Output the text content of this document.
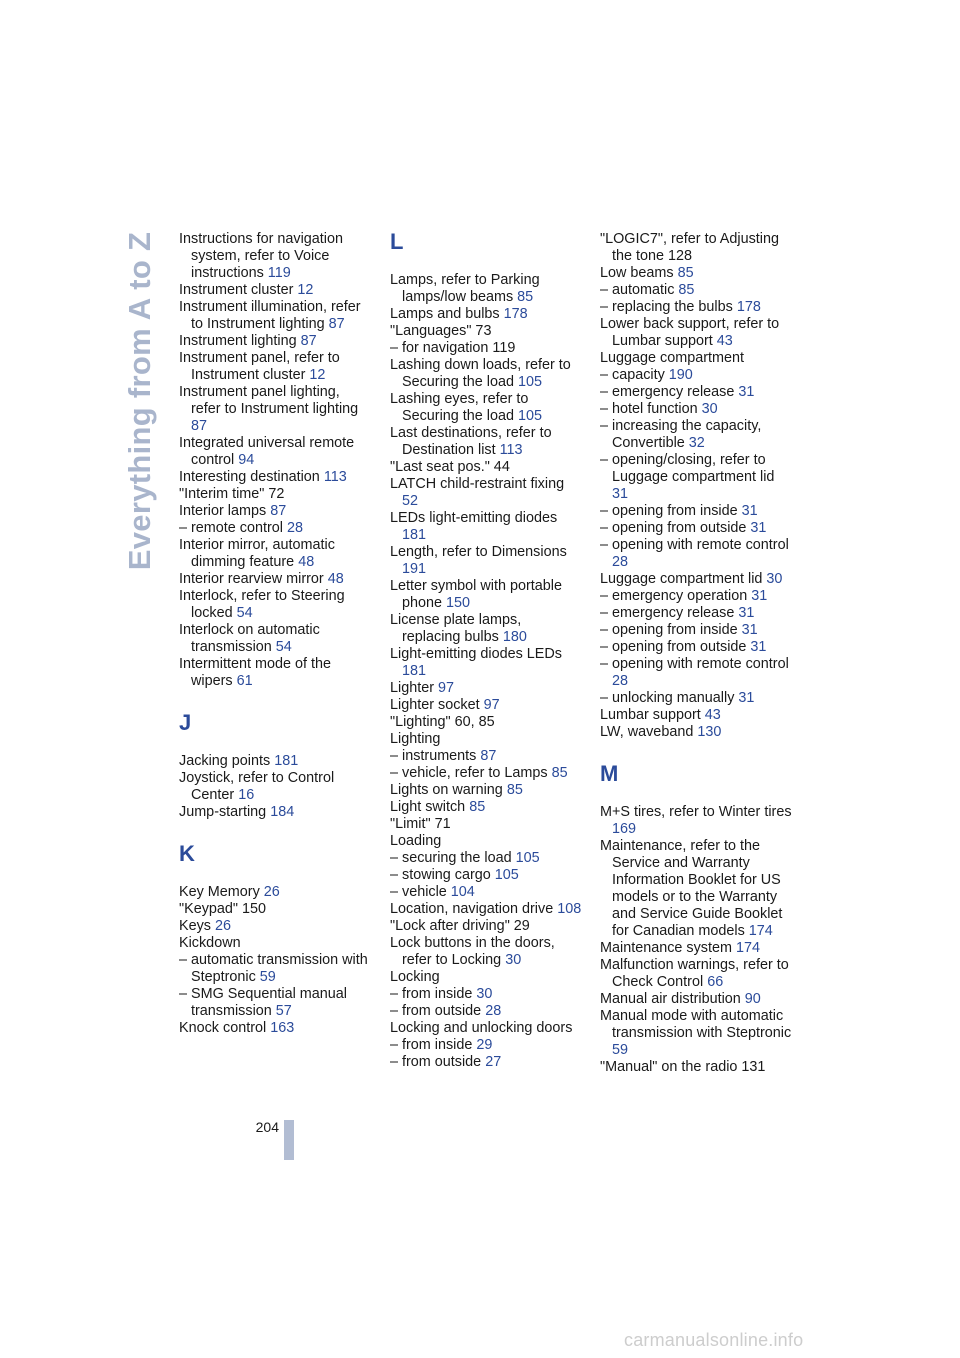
Everything from A to Z Instructions for navigation system, refer to Voice instructions 119
Instrument cluster 12
Instrument illumination, refer to Instrument lighting 87
Instrument lighting 87
Instrument panel, refer to Instrument cluster 12
Instrument panel lighting, refer to Instrument lighting 87
Integrated universal remote control 94
Interesting destination 113
"Interim time" 72
Interior lamps 87
– remote control 28
Interior mirror, automatic dimming feature 48
Interior rearview mirror 48
Interlock, refer to Steering locked 54
Interlock on automatic transmission 54
Intermittent mode of the wipers 61
J
Jacking points 181
Joystick, refer to Control Center 16
Jump-starting 184
K
Key Memory 26
"Keypad" 150
Keys 26
Kickdown
– automatic transmission with Steptronic 59
– SMG Sequential manual transmission 57
Knock control 163
L
Lamps, refer to Parking lamps/low beams 85
Lamps and bulbs 178
"Languages" 73
– for navigation 119
Lashing down loads, refer to Securing the load 105
Lashing eyes, refer to Securing the load 105
Last destinations, refer to Destination list 113
"Last seat pos." 44
LATCH child-restraint fixing 52
LEDs light-emitting diodes 181
Length, refer to Dimensions 191
Letter symbol with portable phone 150
License plate lamps, replacing bulbs 180
Light-emitting diodes LEDs 181
Lighter 97
Lighter socket 97
"Lighting" 60, 85
Lighting
– instruments 87
– vehicle, refer to Lamps 85
Lights on warning 85
Light switch 85
"Limit" 71
Loading
– securing the load 105
– stowing cargo 105
– vehicle 104
Location, navigation drive 108
"Lock after driving" 29
Lock buttons in the doors, refer to Locking 30
Locking
– from inside 30
– from outside 28
Locking and unlocking doors
– from inside 29
– from outside 27
"LOGIC7", refer to Adjusting the tone 128
Low beams 85
– automatic 85
– replacing the bulbs 178
Lower back support, refer to Lumbar support 43
Luggage compartment
– capacity 190
– emergency release 31
– hotel function 30
– increasing the capacity, Convertible 32
– opening/closing, refer to Luggage compartment lid 31
– opening from inside 31
– opening from outside 31
– opening with remote control 28
Luggage compartment lid 30
– emergency operation 31
– emergency release 31
– opening from inside 31
– opening from outside 31
– opening with remote control 28
– unlocking manually 31
Lumbar support 43
LW, waveband 130
M
M+S tires, refer to Winter tires 169
Maintenance, refer to the Service and Warranty Information Booklet for US models or to the Warranty and Service Guide Booklet for Canadian models 174
Maintenance system 174
Malfunction warnings, refer to Check Control 66
Manual air distribution 90
Manual mode with automatic transmission with Steptronic 59
"Manual" on the radio 131
204
carmanualsonline.info
